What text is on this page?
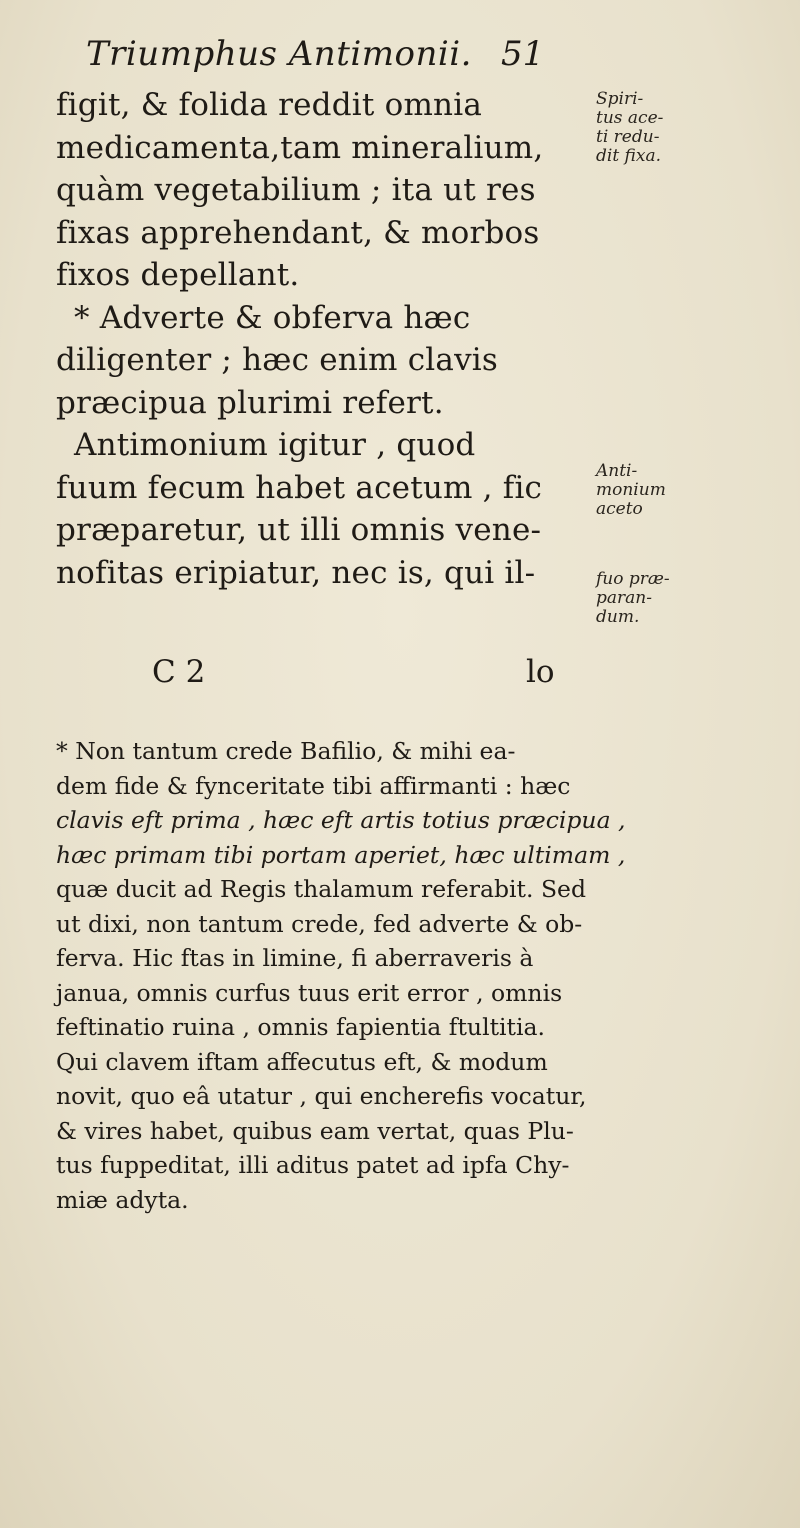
Triumphus Antimonii. 51
figit, & folida reddit omnia
medicamenta,tam mineralium,
quàm vegetabilium ; ita ut res
fixas apprehendant, & morbos
fixos depellant.
* Adverte & obferva hæc
diligenter ; hæc enim clavis
præcipua plurimi refert.
Antimonium igitur , quod
fuum fecum habet acetum , fic
præparetur, ut illi omnis vene-
nofitas eripiatur, nec is, qui il-
Spiri-
tus ace-
ti redu-
dit fixa.
Anti-
monium
aceto
fuo præ-
paran-
dum.
C 2	lo
* Non tantum crede Bafilio, & mihi ea-
dem fide & fynceritate tibi affirmanti : hæc
clavis eft prima , hæc eft artis totius præcipua ,
hæc primam tibi portam aperiet, hæc ultimam ,
quæ ducit ad Regis thalamum referabit. Sed
ut dixi, non tantum crede, fed adverte & ob-
ferva. Hic ftas in limine, fi aberraveris à
janua, omnis curfus tuus erit error , omnis
feftinatio ruina , omnis fapientia ftultitia.
Qui clavem iftam affecutus eft, & modum
novit, quo eâ utatur , qui encherefis vocatur,
& vires habet, quibus eam vertat, quas Plu-
tus fuppeditat, illi aditus patet ad ipfa Chy-
miæ adyta.
